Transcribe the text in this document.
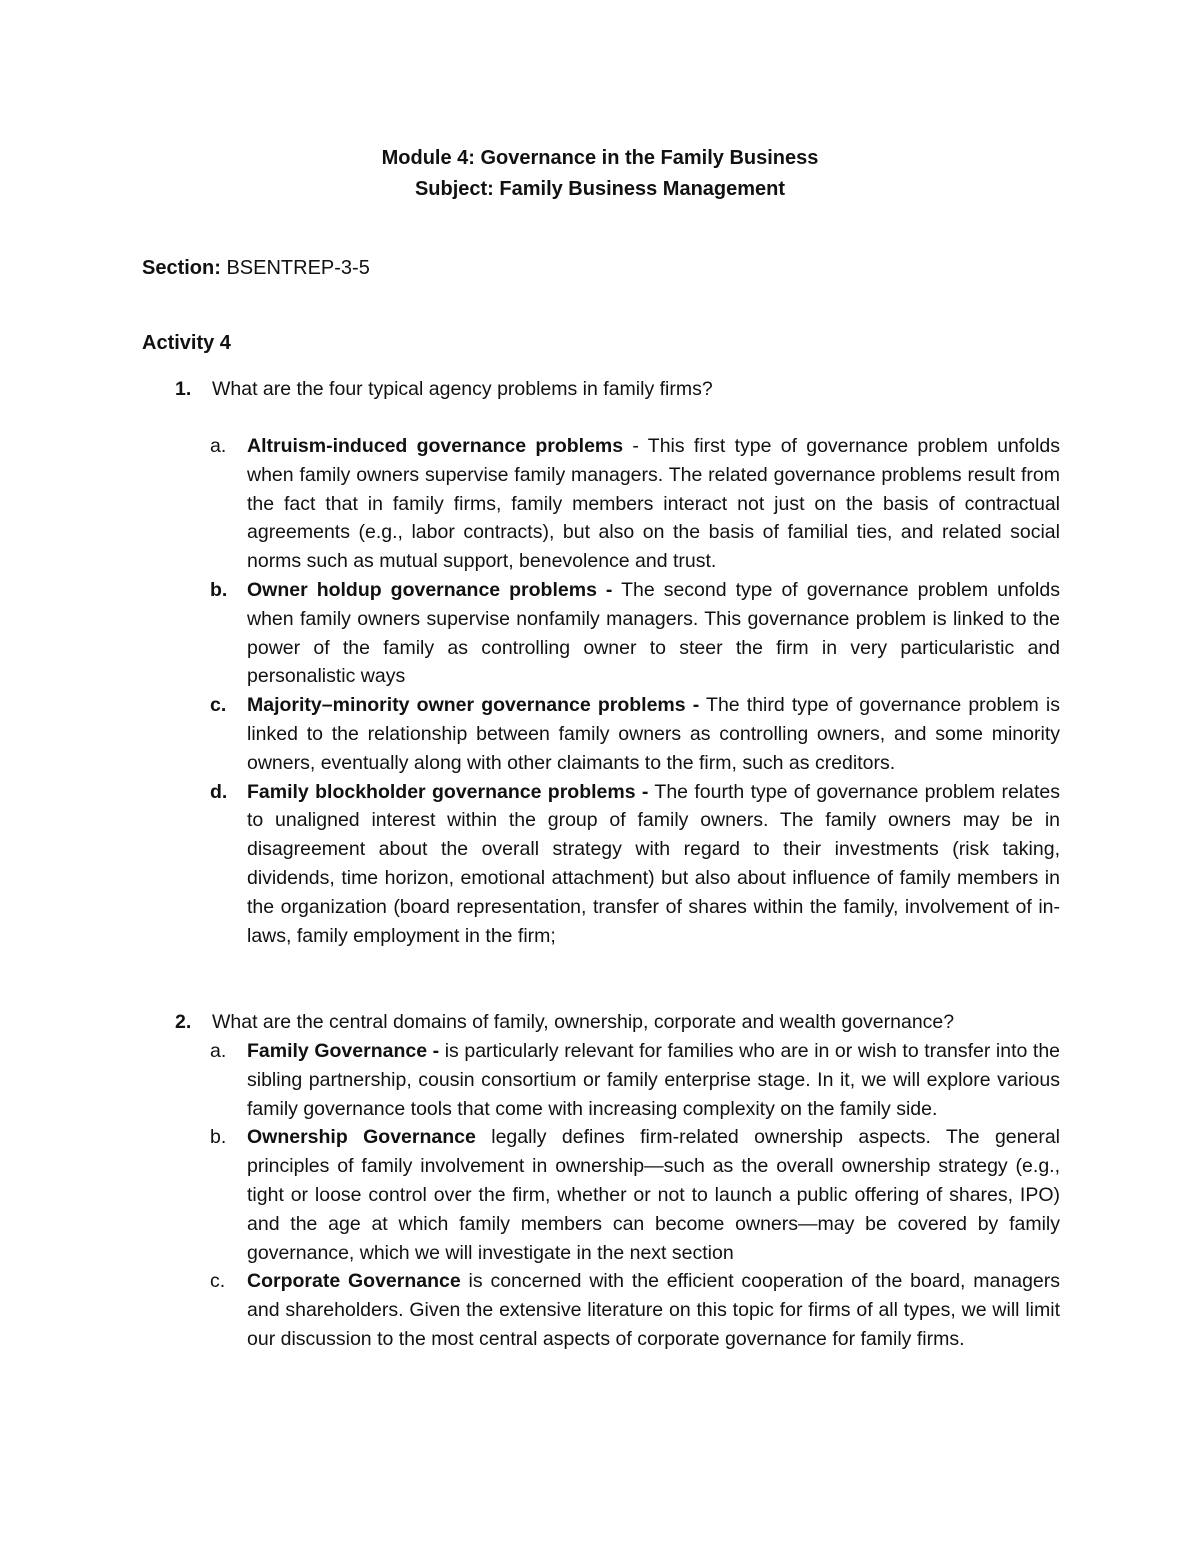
Module 4: Governance in the Family Business
Subject: Family Business Management
Section: BSENTREP-3-5
Activity 4
1. What are the four typical agency problems in family firms?
a. Altruism-induced governance problems - This first type of governance problem unfolds when family owners supervise family managers. The related governance problems result from the fact that in family firms, family members interact not just on the basis of contractual agreements (e.g., labor contracts), but also on the basis of familial ties, and related social norms such as mutual support, benevolence and trust.
b. Owner holdup governance problems - The second type of governance problem unfolds when family owners supervise nonfamily managers. This governance problem is linked to the power of the family as controlling owner to steer the firm in very particularistic and personalistic ways
c. Majority–minority owner governance problems - The third type of governance problem is linked to the relationship between family owners as controlling owners, and some minority owners, eventually along with other claimants to the firm, such as creditors.
d. Family blockholder governance problems - The fourth type of governance problem relates to unaligned interest within the group of family owners. The family owners may be in disagreement about the overall strategy with regard to their investments (risk taking, dividends, time horizon, emotional attachment) but also about influence of family members in the organization (board representation, transfer of shares within the family, involvement of in-laws, family employment in the firm;
2. What are the central domains of family, ownership, corporate and wealth governance?
a. Family Governance - is particularly relevant for families who are in or wish to transfer into the sibling partnership, cousin consortium or family enterprise stage. In it, we will explore various family governance tools that come with increasing complexity on the family side.
b. Ownership Governance legally defines firm-related ownership aspects. The general principles of family involvement in ownership—such as the overall ownership strategy (e.g., tight or loose control over the firm, whether or not to launch a public offering of shares, IPO) and the age at which family members can become owners—may be covered by family governance, which we will investigate in the next section
c. Corporate Governance is concerned with the efficient cooperation of the board, managers and shareholders. Given the extensive literature on this topic for firms of all types, we will limit our discussion to the most central aspects of corporate governance for family firms.
